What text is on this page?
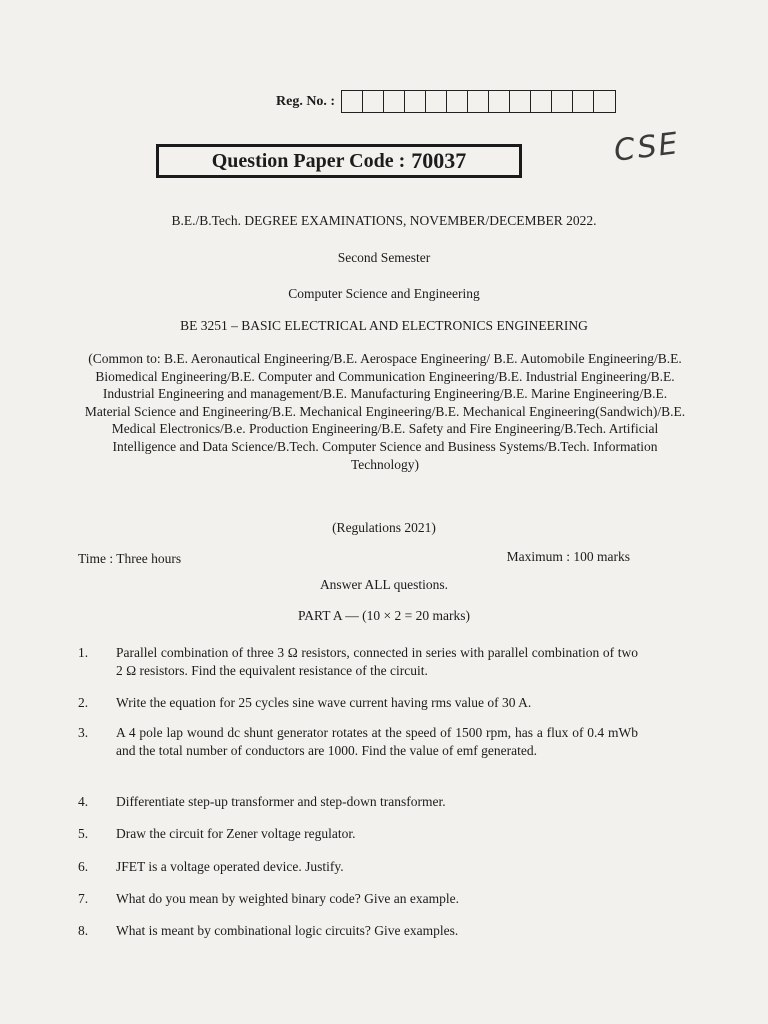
Reg. No. :
Question Paper Code : 70037	CSE
B.E./B.Tech. DEGREE EXAMINATIONS, NOVEMBER/DECEMBER 2022.
Second Semester
Computer Science and Engineering
BE 3251 – BASIC ELECTRICAL AND ELECTRONICS ENGINEERING
(Common to: B.E. Aeronautical Engineering/B.E. Aerospace Engineering/ B.E. Automobile Engineering/B.E. Biomedical Engineering/B.E. Computer and Communication Engineering/B.E. Industrial Engineering/B.E. Industrial Engineering and management/B.E. Manufacturing Engineering/B.E. Marine Engineering/B.E. Material Science and Engineering/B.E. Mechanical Engineering/B.E. Mechanical Engineering(Sandwich)/B.E. Medical Electronics/B.e. Production Engineering/B.E. Safety and Fire Engineering/B.Tech. Artificial Intelligence and Data Science/B.Tech. Computer Science and Business Systems/B.Tech. Information Technology)
(Regulations 2021)
Time : Three hours	Maximum : 100 marks
Answer ALL questions.
PART A — (10 × 2 = 20 marks)
1. Parallel combination of three 3 Ω resistors, connected in series with parallel combination of two 2 Ω resistors. Find the equivalent resistance of the circuit.
2. Write the equation for 25 cycles sine wave current having rms value of 30 A.
3. A 4 pole lap wound dc shunt generator rotates at the speed of 1500 rpm, has a flux of 0.4 mWb and the total number of conductors are 1000. Find the value of emf generated.
4. Differentiate step-up transformer and step-down transformer.
5. Draw the circuit for Zener voltage regulator.
6. JFET is a voltage operated device. Justify.
7. What do you mean by weighted binary code? Give an example.
8. What is meant by combinational logic circuits? Give examples.
